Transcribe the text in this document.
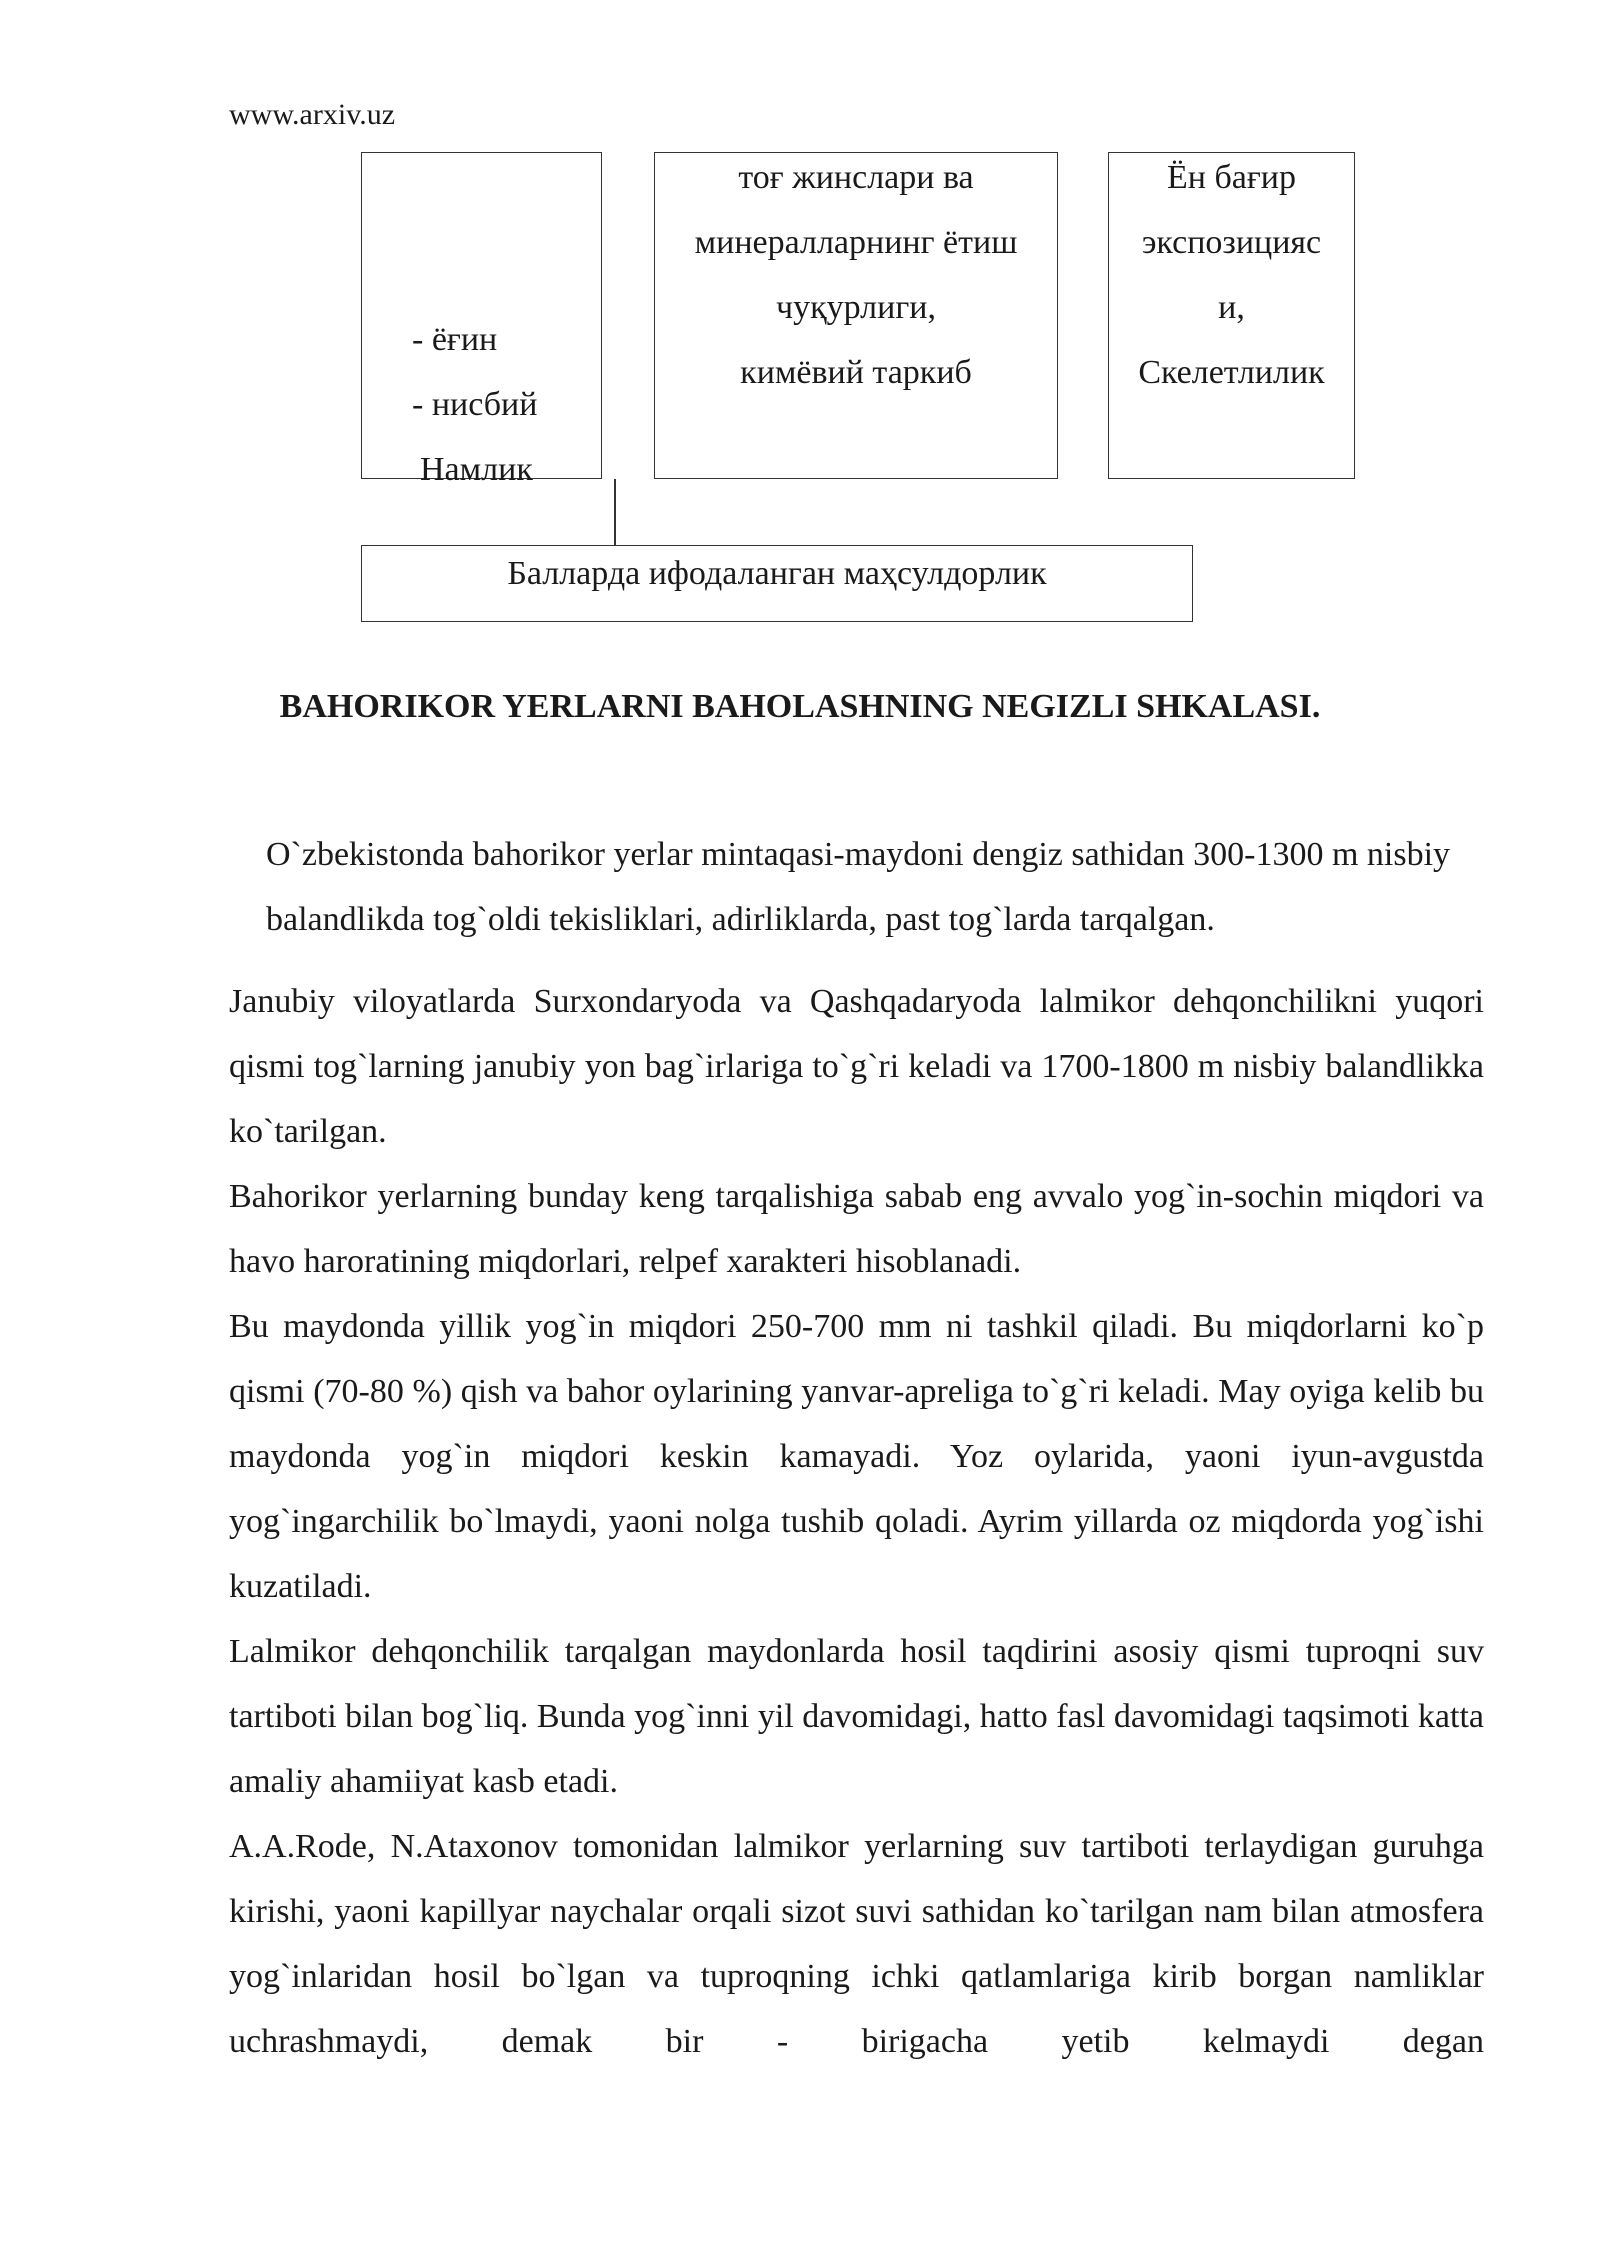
www.arxiv.uz
- ёғин
- нисбий
Намлик
тоғ жинслари ва
минералларнинг ётиш
чуқурлиги,
кимёвий таркиб
Ён бағир
экспозицияс
и,
Скелетлилик
Балларда ифодаланган маҳсулдорлик
BAHORIKOR YERLARNI BAHOLASHNING NEGIZLI SHKALASI.

O`zbekistonda bahorikor yerlar mintaqasi-maydoni dengiz sathidan 300-1300 m nisbiy balandlikda tog`oldi tekisliklari, adirliklarda, past tog`larda tarqalgan.

Janubiy viloyatlarda Surxondaryoda va Qashqadaryoda lalmikor dehqonchilikni yuqori qismi tog`larning janubiy yon bag`irlariga to`g`ri keladi va 1700-1800 m nisbiy balandlikka ko`tarilgan.

Bahorikor yerlarning bunday keng tarqalishiga sabab eng avvalo yog`in-sochin miqdori va havo haroratining miqdorlari, relpef xarakteri hisoblanadi.

Bu maydonda yillik yog`in miqdori 250-700 mm ni tashkil qiladi. Bu miqdorlarni ko`p qismi (70-80 %) qish va bahor oylarining yanvar-apreliga to`g`ri keladi. May oyiga kelib bu maydonda yog`in miqdori keskin kamayadi. Yoz oylarida, yaoni iyun-avgustda yog`ingarchilik bo`lmaydi, yaoni nolga tushib qoladi. Ayrim yillarda oz miqdorda yog`ishi kuzatiladi.

Lalmikor dehqonchilik tarqalgan maydonlarda hosil taqdirini asosiy qismi tuproqni suv tartiboti bilan bog`liq. Bunda yog`inni yil davomidagi, hatto fasl davomidagi taqsimoti katta amaliy ahamiiyat kasb etadi.

A.A.Rode, N.Ataxonov tomonidan lalmikor yerlarning suv tartiboti terlaydigan guruhga kirishi, yaoni kapillyar naychalar orqali sizot suvi sathidan ko`tarilgan nam bilan atmosfera yog`inlaridan hosil bo`lgan va tuproqning ichki qatlamlariga kirib borgan namliklar uchrashmaydi, demak bir - birigacha yetib kelmaydi degan
